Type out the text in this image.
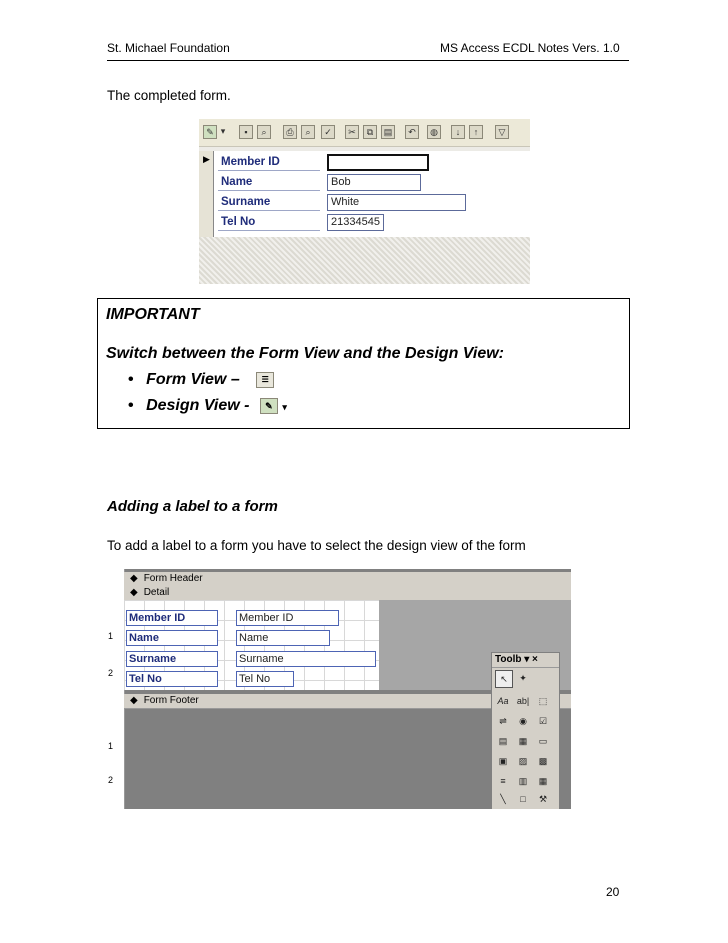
St. Michael Foundation	MS Access ECDL Notes Vers. 1.0
The completed form.
✎ ▾	▪	⌕	⎙	⌕	✓	✂	⧉	▤	↶	◍	↓	↑	▽
▶ Member ID
Name	Bob
Surname	White
Tel No	21334545
IMPORTANT
Switch between the Form View and the Design View:
• Form View –	☰
• Design View - ✎ ▾
Adding a label to a form
To add a label to a form you have to select the design view of the form
1
2
1
2
◆ Form Header
◆ Detail
Member ID	Member ID
Name	Name
Surname	Surname
Tel No	Tel No
◆ Form Footer
Toolb ▾ ×
↖	✦
Aa ab|	⬚
⇌	◉	☑
▤	▦	▭
▣	▨	▩
≡	▥	▦
╲	□	⚒
20
